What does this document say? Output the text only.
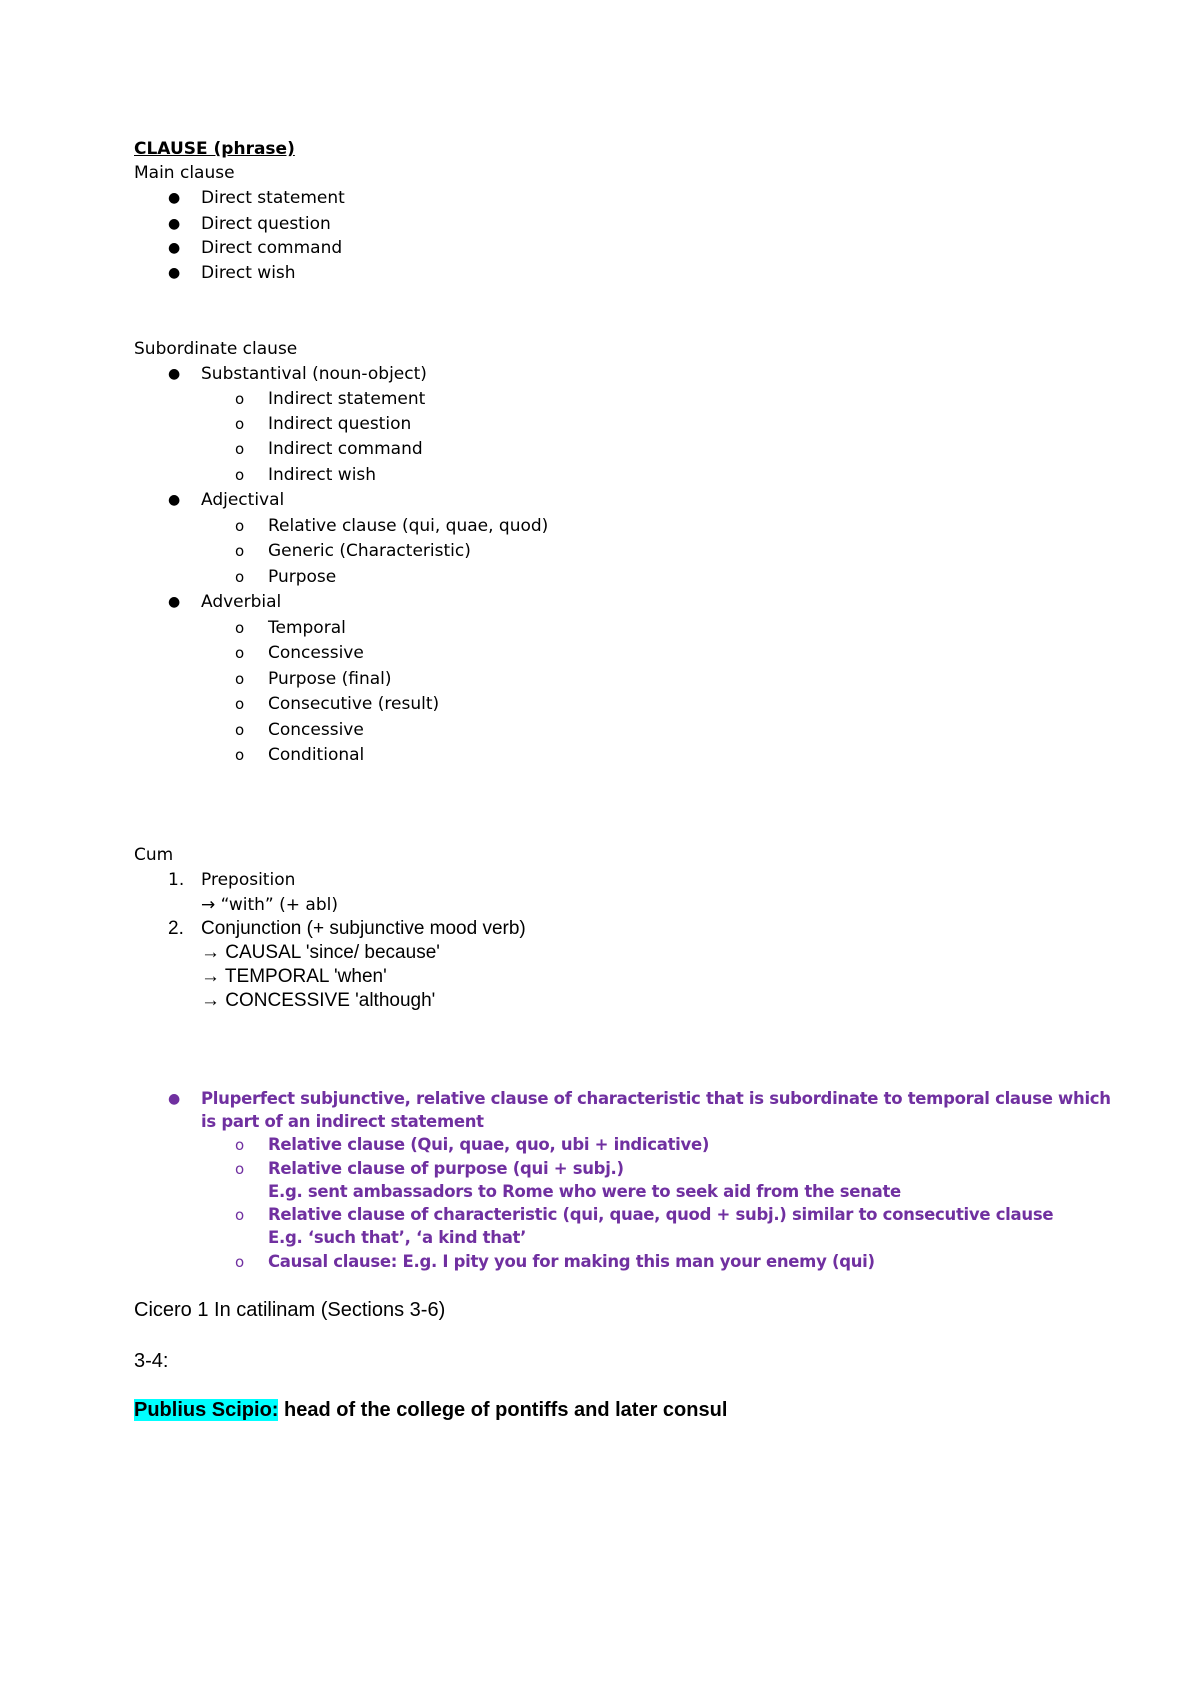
CLAUSE (phrase)
Main clause
● Direct statement
● Direct question
● Direct command
● Direct wish
Subordinate clause
● Substantival (noun-object)
o Indirect statement
o Indirect question
o Indirect command
o Indirect wish
● Adjectival
o Relative clause (qui, quae, quod)
o Generic (Characteristic)
o Purpose
● Adverbial
o Temporal
o Concessive
o Purpose (final)
o Consecutive (result)
o Concessive
o Conditional
Cum
1. Preposition
→ “with” (+ abl)
2. Conjunction (+ subjunctive mood verb)
→ CAUSAL 'since/ because'
→ TEMPORAL 'when'
→ CONCESSIVE 'although'
● Pluperfect subjunctive, relative clause of characteristic that is subordinate to temporal clause which
is part of an indirect statement
o Relative clause (Qui, quae, quo, ubi + indicative)
o Relative clause of purpose (qui + subj.)
E.g. sent ambassadors to Rome who were to seek aid from the senate
o Relative clause of characteristic (qui, quae, quod + subj.) similar to consecutive clause
E.g. ‘such that’, ‘a kind that’
o Causal clause: E.g. I pity you for making this man your enemy (qui)
Cicero 1 In catilinam (Sections 3-6)
3-4:
Publius Scipio: head of the college of pontiffs and later consul
